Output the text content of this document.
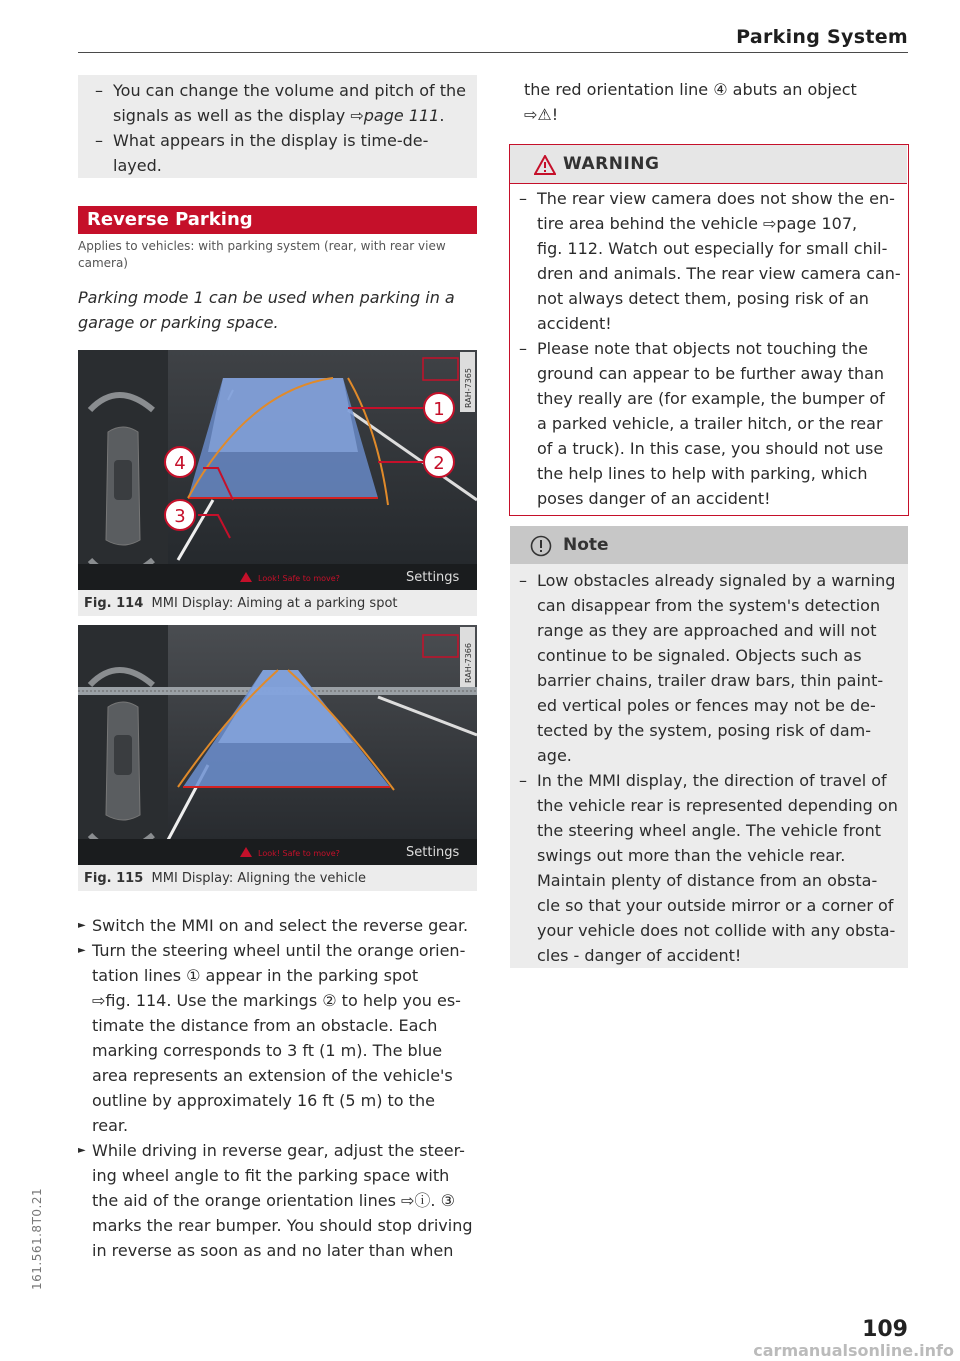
Parking System
– You can change the volume and pitch of the
signals as well as the display ⇨page 111.
– What appears in the display is time-de-
layed.
Reverse Parking
Applies to vehicles: with parking system (rear, with rear view camera)
Parking mode 1 can be used when parking in a
garage or parking space.
1
2
3
4
RAH-7365
Look! Safe to move?	Settings
Fig. 114 MMI Display: Aiming at a parking spot
RAH-7366
Look! Safe to move?	Settings
Fig. 115 MMI Display: Aligning the vehicle
► Switch the MMI on and select the reverse gear.
► Turn the steering wheel until the orange orien-
tation lines ① appear in the parking spot
⇨fig. 114. Use the markings ② to help you es-
timate the distance from an obstacle. Each
marking corresponds to 3 ft (1 m). The blue
area represents an extension of the vehicle's
outline by approximately 16 ft (5 m) to the
rear.
► While driving in reverse gear, adjust the steer-
ing wheel angle to fit the parking space with
the aid of the orange orientation lines ⇨ⓘ. ③
marks the rear bumper. You should stop driving
in reverse as soon as and no later than when
the red orientation line ④ abuts an object
⇨⚠!
WARNING
– The rear view camera does not show the en-
tire area behind the vehicle ⇨page 107,
fig. 112. Watch out especially for small chil-
dren and animals. The rear view camera can-
not always detect them, posing risk of an
accident!
– Please note that objects not touching the
ground can appear to be further away than
they really are (for example, the bumper of
a parked vehicle, a trailer hitch, or the rear
of a truck). In this case, you should not use
the help lines to help with parking, which
poses danger of an accident!
Note
– Low obstacles already signaled by a warning
can disappear from the system's detection
range as they are approached and will not
continue to be signaled. Objects such as
barrier chains, trailer draw bars, thin paint-
ed vertical poles or fences may not be de-
tected by the system, posing risk of dam-
age.
– In the MMI display, the direction of travel of
the vehicle rear is represented depending on
the steering wheel angle. The vehicle front
swings out more than the vehicle rear.
Maintain plenty of distance from an obsta-
cle so that your outside mirror or a corner of
your vehicle does not collide with any obsta-
cles - danger of accident!
109
161.561.8T0.21
carmanualsonline.info
